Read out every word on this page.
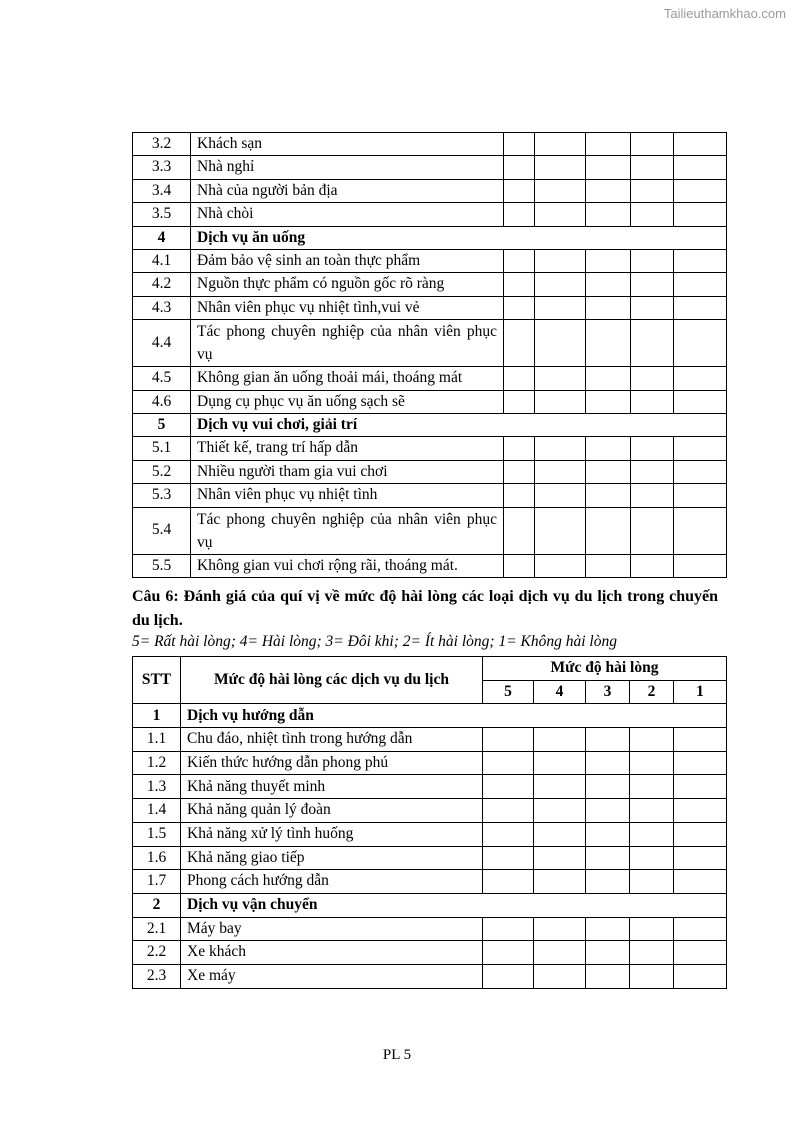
Tailieuthamkhao.com
3.2	Khách sạn					
3.3	Nhà nghỉ					
3.4	Nhà của người bản địa					
3.5	Nhà chòi					
4	Dịch vụ ăn uống					
4.1	Đảm bảo vệ sinh an toàn thực phẩm					
4.2	Nguồn thực phẩm có nguồn gốc rõ ràng					
4.3	Nhân viên phục vụ nhiệt tình,vui vẻ					
4.4	Tác phong chuyên nghiệp của nhân viên phục vụ					
4.5	Không gian ăn uống thoải mái, thoáng mát					
4.6	Dụng cụ phục vụ ăn uống sạch sẽ					
5	Dịch vụ vui chơi, giải trí					
5.1	Thiết kế, trang trí hấp dẫn					
5.2	Nhiều người tham gia vui chơi					
5.3	Nhân viên phục vụ nhiệt tình					
5.4	Tác phong chuyên nghiệp của nhân viên phục vụ					
5.5	Không gian vui chơi rộng rãi, thoáng mát.					
Câu 6: Đánh giá của quí vị về mức độ hài lòng các loại dịch vụ du lịch trong chuyến du lịch.
5= Rất hài lòng; 4= Hài lòng; 3= Đôi khi; 2= Ít hài lòng; 1= Không hài lòng
STT	Mức độ hài lòng các dịch vụ du lịch	Mức độ hài lòng				
		5	4	3	2	1
1	Dịch vụ hướng dẫn					
1.1	Chu đáo, nhiệt tình trong hướng dẫn					
1.2	Kiến thức hướng dẫn phong phú					
1.3	Khả năng thuyết minh					
1.4	Khả năng quản lý đoàn					
1.5	Khả năng xử lý tình huống					
1.6	Khả năng giao tiếp					
1.7	Phong cách hướng dẫn					
2	Dịch vụ vận chuyển					
2.1	Máy bay					
2.2	Xe khách					
2.3	Xe máy					
PL 5
